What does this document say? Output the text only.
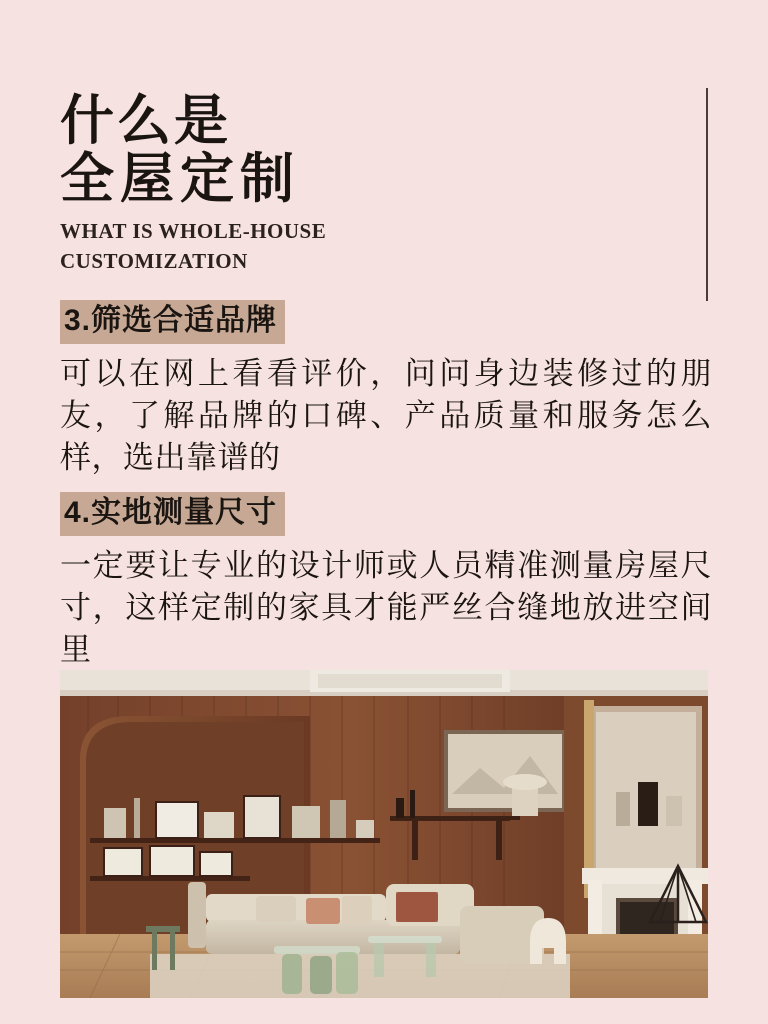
什么是
全屋定制
WHAT IS WHOLE-HOUSE
CUSTOMIZATION
3.筛选合适品牌
可以在网上看看评价，问问身边装修过的朋友，了解品牌的口碑、产品质量和服务怎么样，选出靠谱的
4.实地测量尺寸
一定要让专业的设计师或人员精准测量房屋尺寸，这样定制的家具才能严丝合缝地放进空间里
